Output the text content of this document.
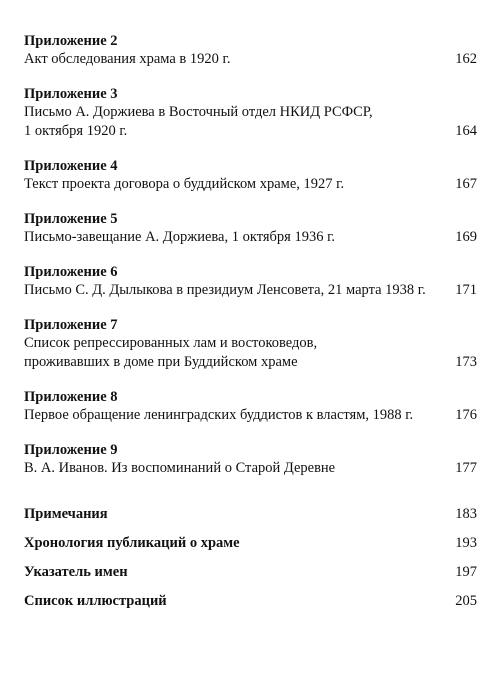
Приложение 2
Акт обследования храма в 1920 г.	162
Приложение 3
Письмо А. Доржиева в Восточный отдел НКИД РСФСР,
1 октября 1920 г.	164
Приложение 4
Текст проекта договора о буддийском храме, 1927 г.	167
Приложение 5
Письмо-завещание А. Доржиева, 1 октября 1936 г.	169
Приложение 6
Письмо С. Д. Дылыкова в президиум Ленсовета, 21 марта 1938 г.	171
Приложение 7
Список репрессированных лам и востоковедов,
проживавших в доме при Буддийском храме	173
Приложение 8
Первое обращение ленинградских буддистов к властям, 1988 г.	176
Приложение 9
В. А. Иванов. Из воспоминаний о Старой Деревне	177
Примечания	183
Хронология публикаций о храме	193
Указатель имен	197
Список иллюстраций	205
